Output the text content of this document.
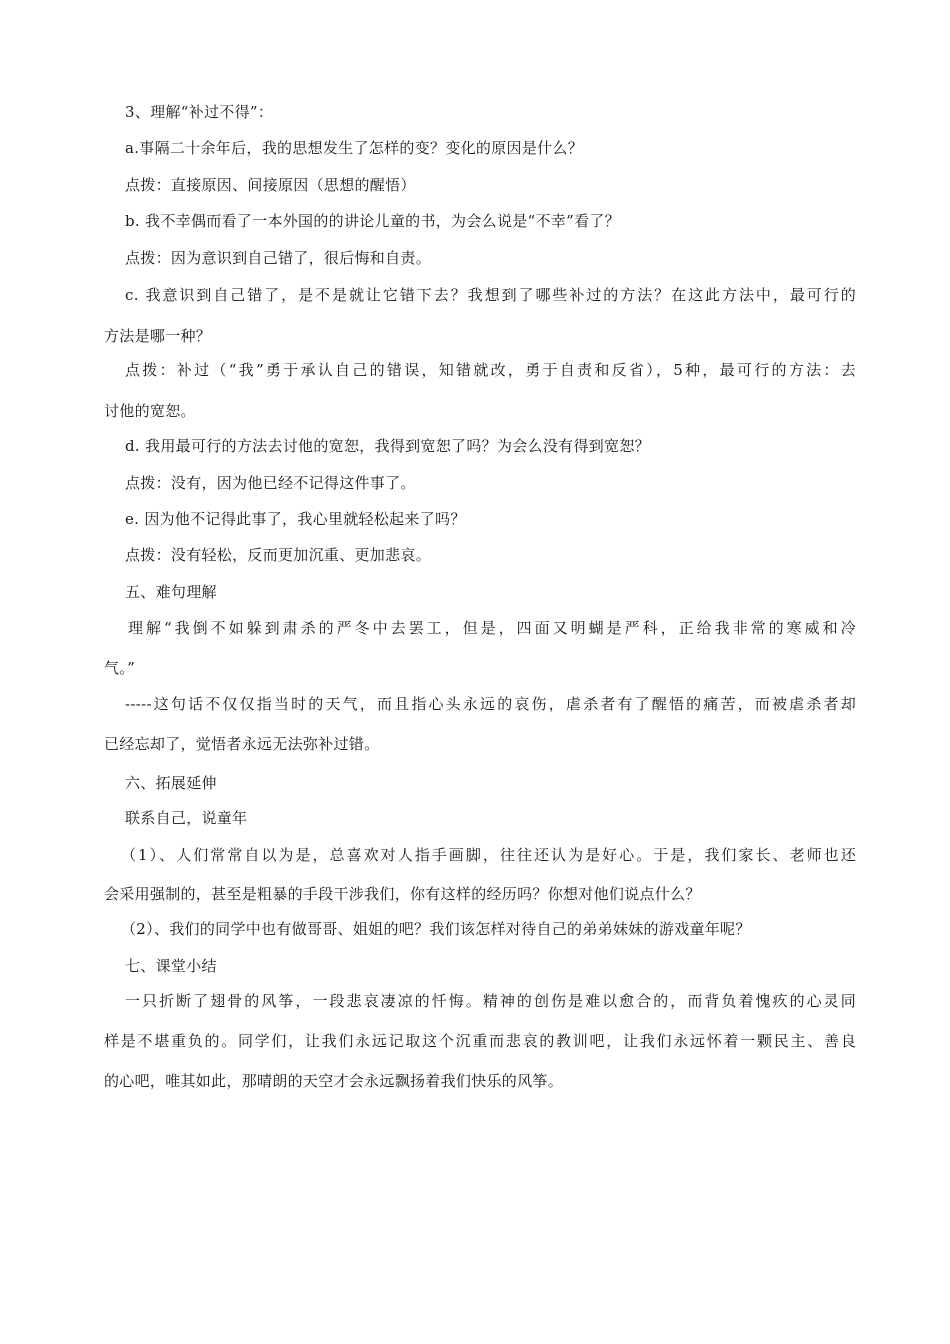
3、理解“补过不得”：
a.事隔二十余年后，我的思想发生了怎样的变？变化的原因是什么？
点拨：直接原因、间接原因（思想的醒悟）
b. 我不幸偶而看了一本外国的的讲论儿童的书，为会么说是“不幸”看了？
点拨：因为意识到自己错了，很后悔和自责。
c. 我意识到自己错了，是不是就让它错下去？我想到了哪些补过的方法？在这此方法中，最可行的
方法是哪一种？
点拨：补过（“我”勇于承认自己的错误，知错就改，勇于自责和反省），5种，最可行的方法：去
讨他的宽恕。
d. 我用最可行的方法去讨他的宽恕，我得到宽恕了吗？为会么没有得到宽恕？
点拨：没有，因为他已经不记得这件事了。
e. 因为他不记得此事了，我心里就轻松起来了吗？
点拨：没有轻松，反而更加沉重、更加悲哀。
五、难句理解
理解“我倒不如躲到肃杀的严冬中去罢工，但是，四面又明蝴是严科，正给我非常的寒威和冷
气。”
-----这句话不仅仅指当时的天气，而且指心头永远的哀伤，虐杀者有了醒悟的痛苦，而被虐杀者却
已经忘却了，觉悟者永远无法弥补过错。
六、拓展延伸
联系自己，说童年
（1）、人们常常自以为是，总喜欢对人指手画脚，往往还认为是好心。于是，我们家长、老师也还
会采用强制的，甚至是粗暴的手段干涉我们，你有这样的经历吗？你想对他们说点什么？
（2）、我们的同学中也有做哥哥、姐姐的吧？我们该怎样对待自己的弟弟妹妹的游戏童年呢？
七、课堂小结
一只折断了翅骨的风筝，一段悲哀凄凉的忏悔。精神的创伤是难以愈合的，而背负着愧疚的心灵同
样是不堪重负的。同学们，让我们永远记取这个沉重而悲哀的教训吧，让我们永远怀着一颗民主、善良
的心吧，唯其如此，那晴朗的天空才会永远飘扬着我们快乐的风筝。
